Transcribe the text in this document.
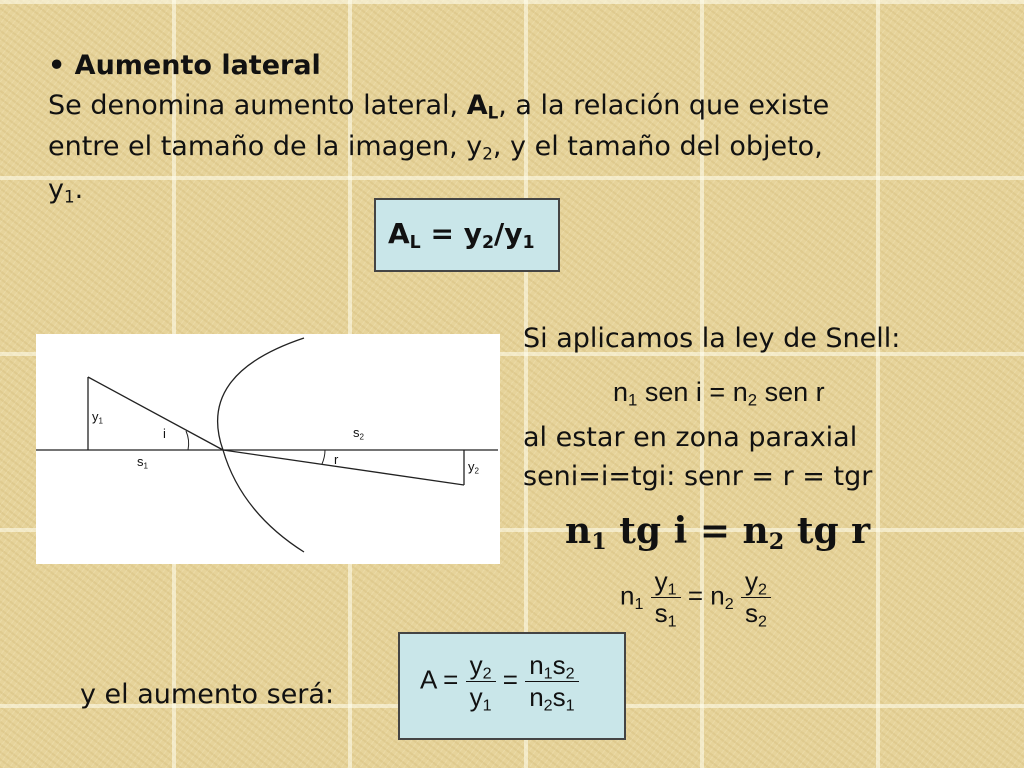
• Aumento lateral
Se denomina aumento lateral, $A_L$, a la relación que existe
entre el tamaño de la imagen, $y_2$, y el tamaño del objeto,
$y_1$.
$A_L = y_2/y_1$
$y_1$
i
$s_1$
$s_2$
r	$y_2$
Si aplicamos la ley de Snell:
$n_1$ sen $i = n_2$ sen r
al estar en zona paraxial
seni=i=tgi: senr = r = tgr
$n_1$ tg $i = n_2$ tg r
$n_1 \frac{y_1}{s_1} = n_2 \frac{y_2}{s_2}$
y el aumento será:	$A = \frac{y_2}{y_1} = \frac{n_1s_2}{n_2s_1}$
